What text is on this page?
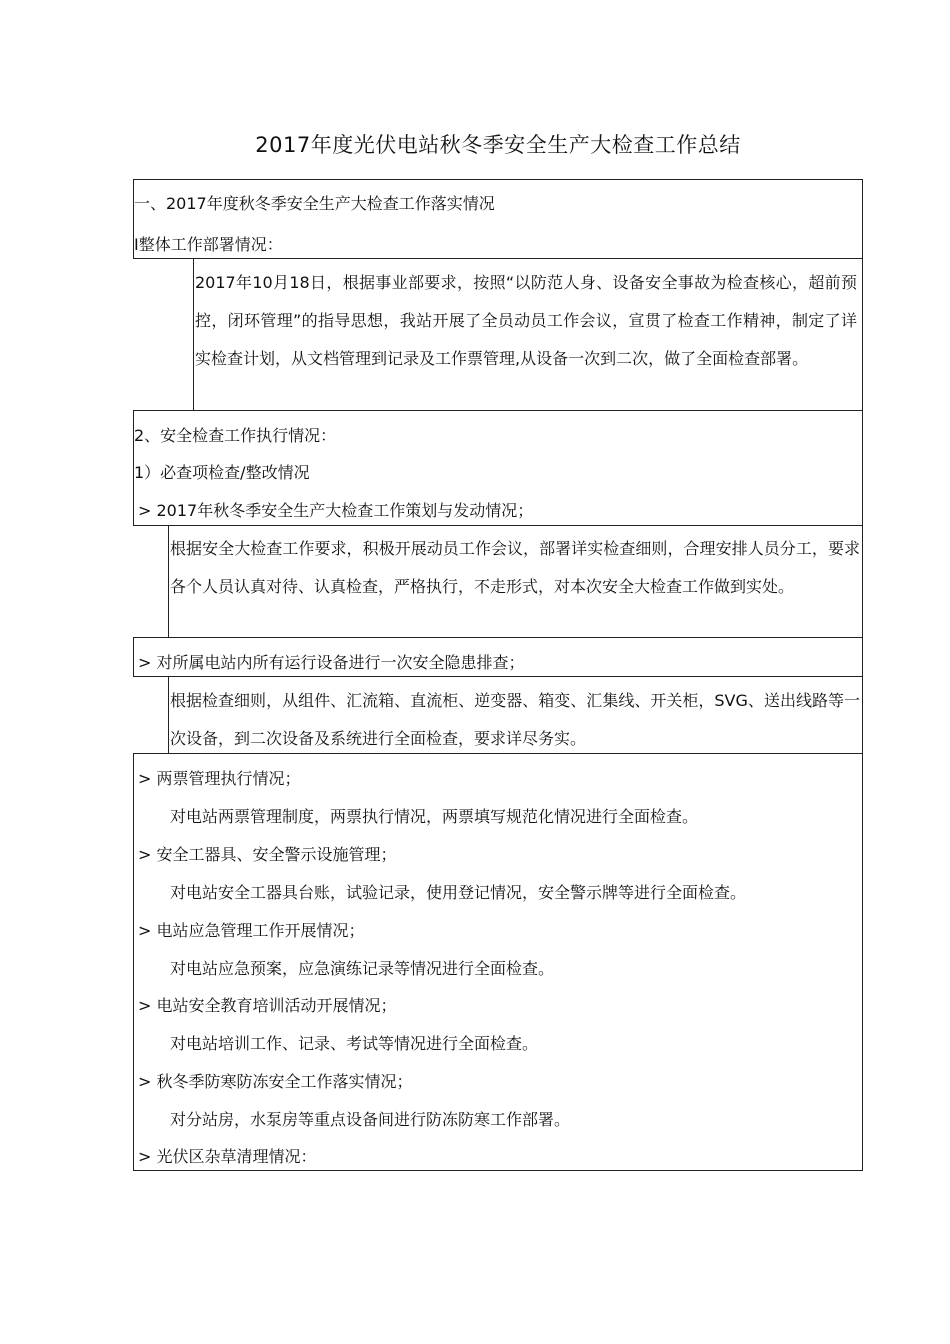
2017年度光伏电站秋冬季安全生产大检查工作总结
一、2017年度秋冬季安全生产大检查工作落实情况
I整体工作部署情况：
2017年10月18日，根据事业部要求，按照“以防范人身、设备安全事故为检查核心，超前预控，闭环管理”的指导思想，我站开展了全员动员工作会议，宣贯了检查工作精神，制定了详实检查计划，从文档管理到记录及工作票管理,从设备一次到二次，做了全面检查部署。
2、安全检查工作执行情况：
1）必查项检查/整改情况
> 2017年秋冬季安全生产大检查工作策划与发动情况；
根据安全大检查工作要求，积极开展动员工作会议，部署详实检查细则，合理安排人员分工，要求各个人员认真对待、认真检查，严格执行，不走形式，对本次安全大检查工作做到实处。
> 对所属电站内所有运行设备进行一次安全隐患排查；
根据检查细则，从组件、汇流箱、直流柜、逆变器、箱变、汇集线、开关柜，SVG、送出线路等一次设备，到二次设备及系统进行全面检查，要求详尽务实。
> 两票管理执行情况；
对电站两票管理制度，两票执行情况，两票填写规范化情况进行全面检查。
> 安全工器具、安全警示设施管理；
对电站安全工器具台账，试验记录，使用登记情况，安全警示牌等进行全面检查。
> 电站应急管理工作开展情况；
对电站应急预案，应急演练记录等情况进行全面检查。
> 电站安全教育培训活动开展情况；
对电站培训工作、记录、考试等情况进行全面检查。
> 秋冬季防寒防冻安全工作落实情况；
对分站房，水泵房等重点设备间进行防冻防寒工作部署。
> 光伏区杂草清理情况：
